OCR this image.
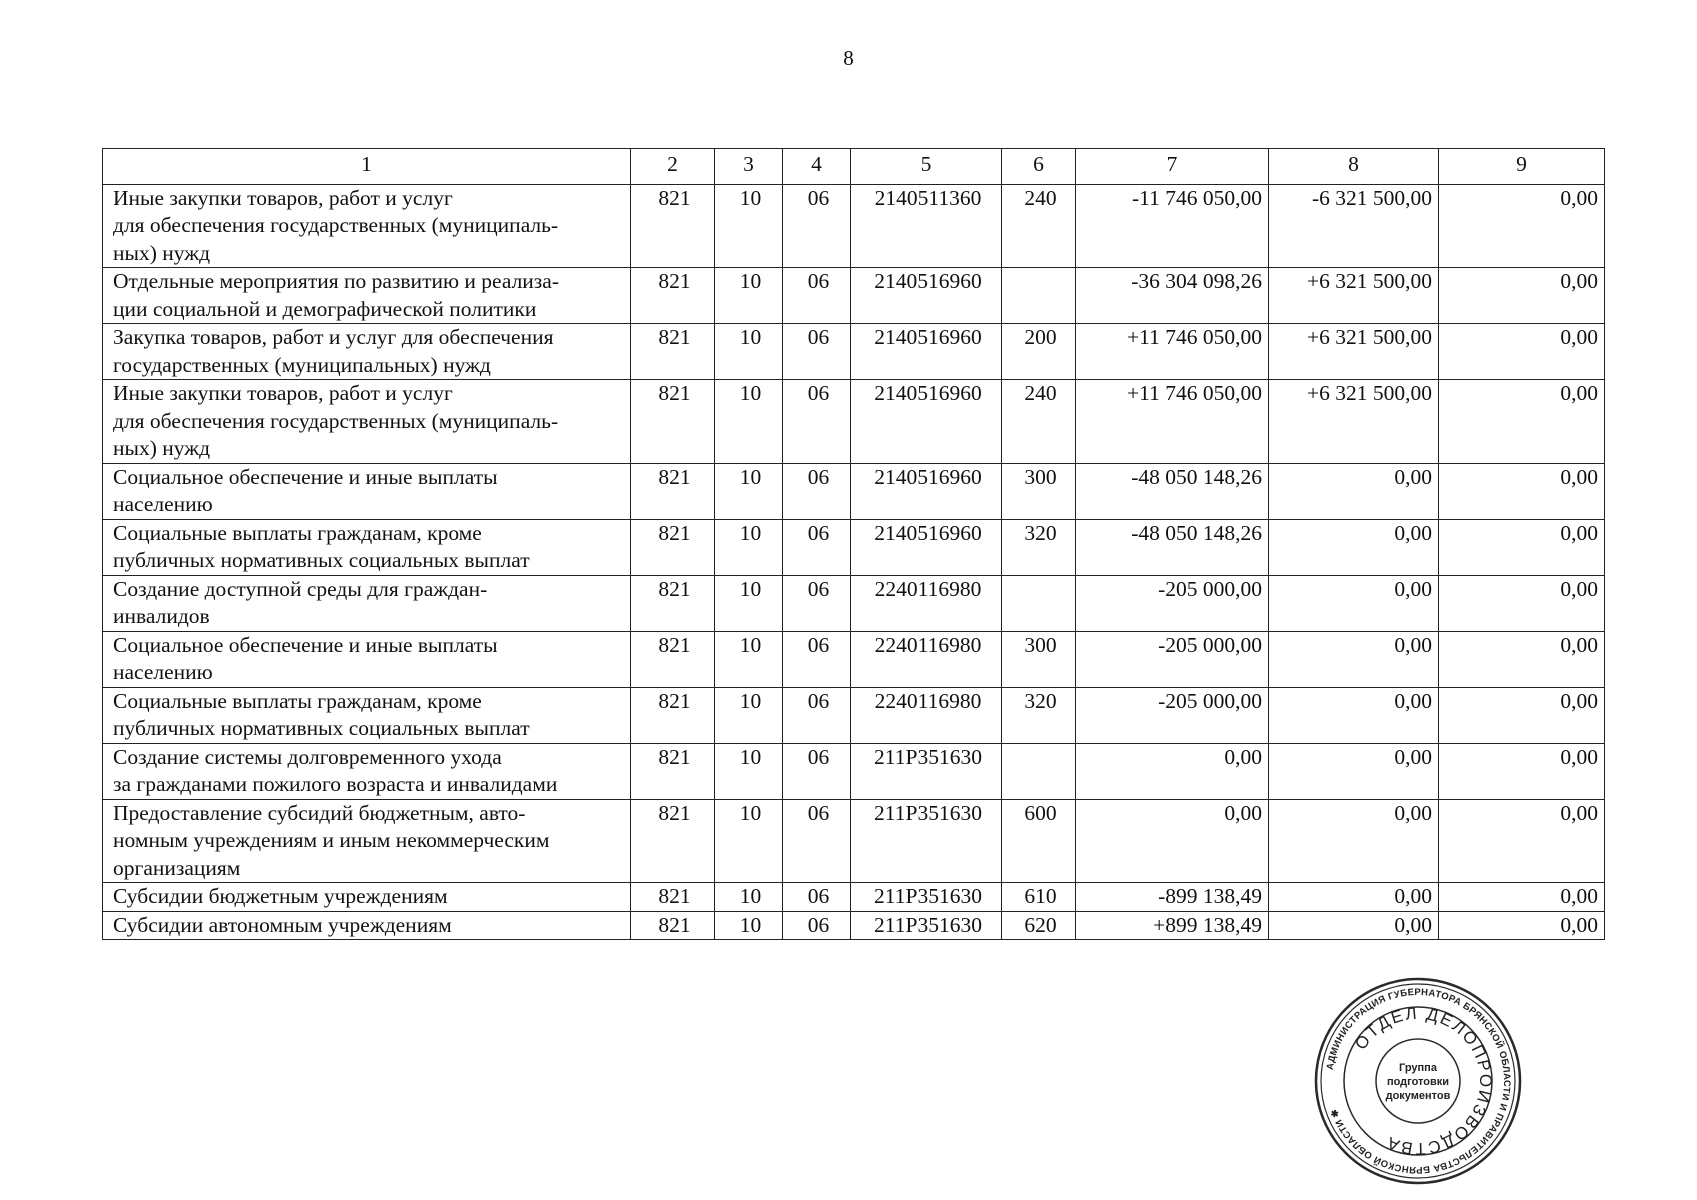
8
1	2	3	4	5	6	7	8	9

Иные закупки товаров, работ и услуг
для обеспечения государственных (муниципаль-
ных) нужд	821	10	06	2140511360	240	-11 746 050,00	-6 321 500,00	0,00

Отдельные мероприятия по развитию и реализа-
ции социальной и демографической политики	821	10	06	2140516960		-36 304 098,26	+6 321 500,00	0,00

Закупка товаров, работ и услуг для обеспечения
государственных (муниципальных) нужд	821	10	06	2140516960	200	+11 746 050,00	+6 321 500,00	0,00

Иные закупки товаров, работ и услуг
для обеспечения государственных (муниципаль-
ных) нужд	821	10	06	2140516960	240	+11 746 050,00	+6 321 500,00	0,00

Социальное обеспечение и иные выплаты
населению	821	10	06	2140516960	300	-48 050 148,26	0,00	0,00

Социальные выплаты гражданам, кроме
публичных нормативных социальных выплат	821	10	06	2140516960	320	-48 050 148,26	0,00	0,00

Создание доступной среды для граждан-
инвалидов	821	10	06	2240116980		-205 000,00	0,00	0,00

Социальное обеспечение и иные выплаты
населению	821	10	06	2240116980	300	-205 000,00	0,00	0,00

Социальные выплаты гражданам, кроме
публичных нормативных социальных выплат	821	10	06	2240116980	320	-205 000,00	0,00	0,00

Создание системы долговременного ухода
за гражданами пожилого возраста и инвалидами	821	10	06	211P351630		0,00	0,00	0,00

Предоставление субсидий бюджетным, авто-
номным учреждениям и иным некоммерческим
организациям	821	10	06	211P351630	600	0,00	0,00	0,00

Субсидии бюджетным учреждениям	821	10	06	211P351630	610	-899 138,49	0,00	0,00

Субсидии автономным учреждениям	821	10	06	211P351630	620	+899 138,49	0,00	0,00
АДМИНИСТРАЦИЯ ГУБЕРНАТОРА БРЯНСКОЙ ОБЛАСТИ И ПРАВИТЕЛЬСТВА БРЯНСКОЙ ОБЛАСТИ ✱
ОТДЕЛ ДЕЛОПРОИЗВОДСТВА
Группа
подготовки
документов
